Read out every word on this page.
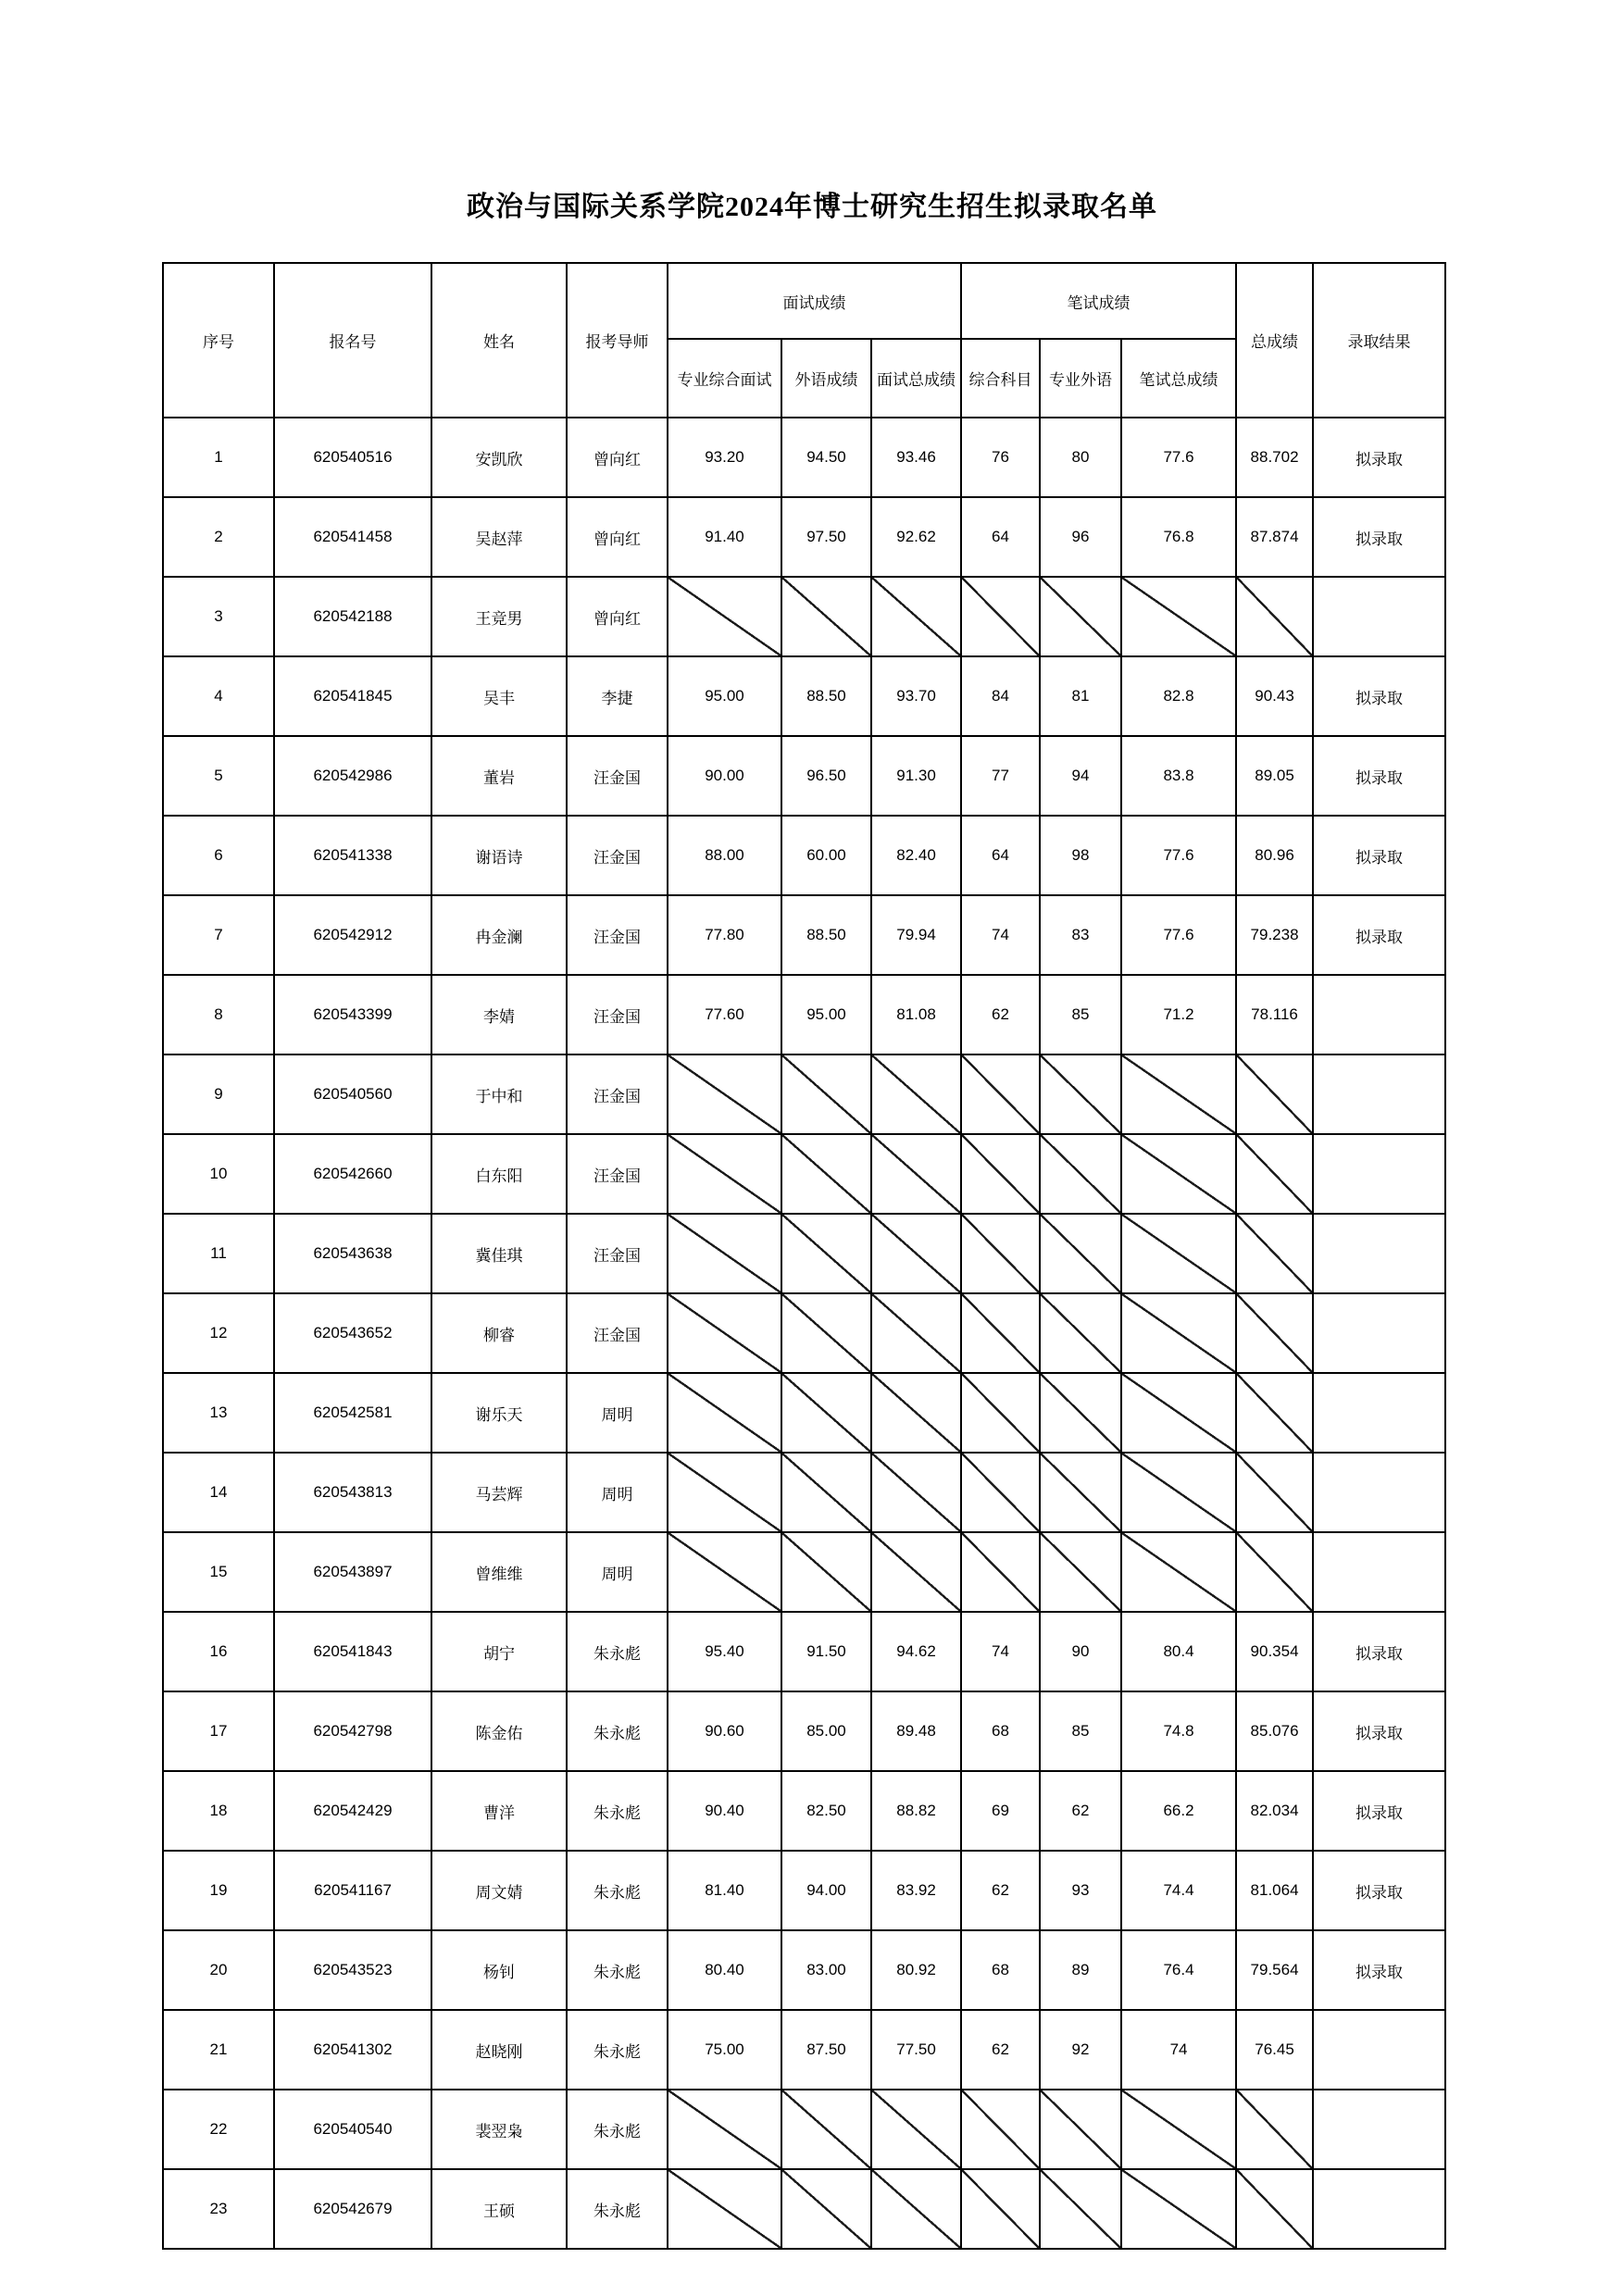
政治与国际关系学院2024年博士研究生招生拟录取名单
序号	报名号	姓名	报考导师	面试成绩			笔试成绩			总成绩	录取结果
				专业综合面试	外语成绩	面试总成绩	综合科目	专业外语	笔试总成绩		
1	620540516	安凯欣	曾向红	93.20	94.50	93.46	76	80	77.6	88.702	拟录取
2	620541458	吴赵萍	曾向红	91.40	97.50	92.62	64	96	76.8	87.874	拟录取
3	620542188	王竞男	曾向红								
4	620541845	吴丰	李捷	95.00	88.50	93.70	84	81	82.8	90.43	拟录取
5	620542986	董岩	汪金国	90.00	96.50	91.30	77	94	83.8	89.05	拟录取
6	620541338	谢语诗	汪金国	88.00	60.00	82.40	64	98	77.6	80.96	拟录取
7	620542912	冉金澜	汪金国	77.80	88.50	79.94	74	83	77.6	79.238	拟录取
8	620543399	李婧	汪金国	77.60	95.00	81.08	62	85	71.2	78.116	
9	620540560	于中和	汪金国								
10	620542660	白东阳	汪金国								
11	620543638	冀佳琪	汪金国								
12	620543652	柳睿	汪金国								
13	620542581	谢乐天	周明								
14	620543813	马芸辉	周明								
15	620543897	曾维维	周明								
16	620541843	胡宁	朱永彪	95.40	91.50	94.62	74	90	80.4	90.354	拟录取
17	620542798	陈金佑	朱永彪	90.60	85.00	89.48	68	85	74.8	85.076	拟录取
18	620542429	曹洋	朱永彪	90.40	82.50	88.82	69	62	66.2	82.034	拟录取
19	620541167	周文婧	朱永彪	81.40	94.00	83.92	62	93	74.4	81.064	拟录取
20	620543523	杨钊	朱永彪	80.40	83.00	80.92	68	89	76.4	79.564	拟录取
21	620541302	赵晓刚	朱永彪	75.00	87.50	77.50	62	92	74	76.45	
22	620540540	裴翌枭	朱永彪								
23	620542679	王硕	朱永彪								
